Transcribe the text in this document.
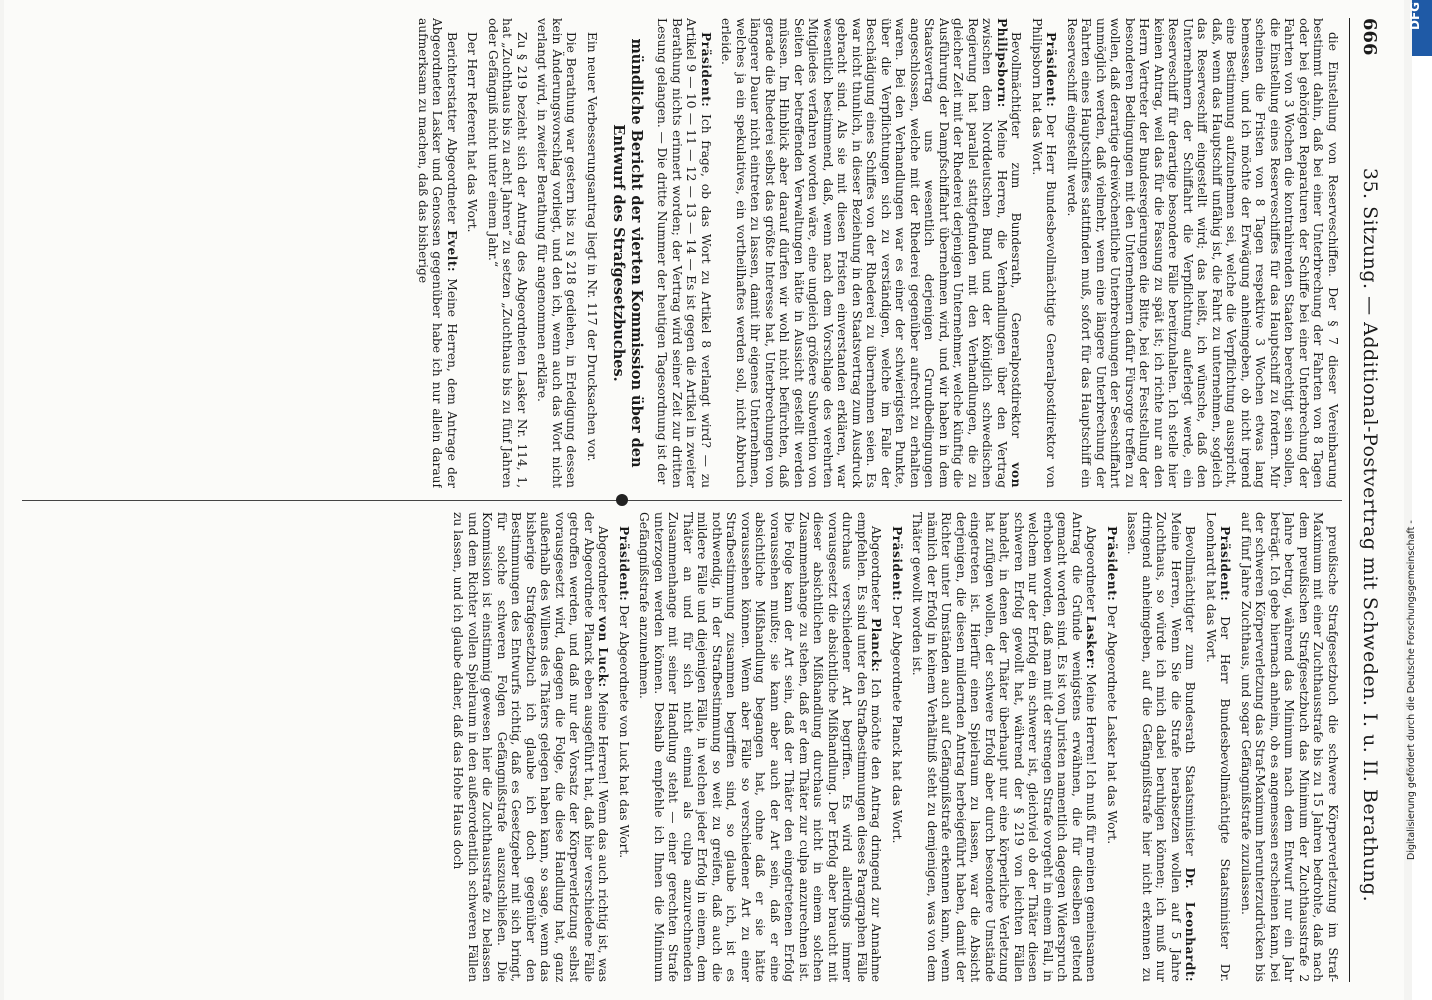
666
35. Sitzung. — Additional-Postvertrag mit Schweden. I. u. II. Berathung.

die Einstellung von Reserveschiffen. Der § 7 dieser Vereinbarung bestimmt dahin, daß bei einer Unterbrechung der Fahrten von 8 Tagen oder bei gehörigen Reparaturen der Schiffe bei einer Unterbrechung der Fahrten von 3 Wochen die kontrahirenden Staaten berechtigt sein sollen, die Einstellung eines Reserveschiffes für das Hauptschiff zu fordern. Mir scheinen die Fristen von 8 Tagen respektive 3 Wochen etwas lang bemessen, und ich möchte der Erwägung anheimgeben, ob nicht irgend eine Bestimmung aufzunehmen sei, welche die Verpflichtung ausspricht, daß, wenn das Hauptschiff unfähig ist, die Fahrt zu unternehmen, sogleich das Reserveschiff eingestellt wird; das heißt, ich wünsche, daß den Unternehmern der Schiffahrt die Verpflichtung auferlegt werde, ein Reserveschiff für derartige besondere Fälle bereitzuhalten. Ich stelle hier keinen Antrag, weil das für die Fassung zu spät ist; ich richte nur an den Herrn Vertreter der Bundesregierungen die Bitte, bei der Feststellung der besonderen Bedingungen mit den Unternehmern dafür Fürsorge treffen zu wollen, daß derartige dreiwöchentliche Unterbrechungen der Seeschiffahrt unmöglich werden, daß vielmehr, wenn eine längere Unterbrechung der Fahrten eines Hauptschiffes stattfinden muß, sofort für das Hauptschiff ein Reserveschiff eingestellt werde.

Präsident: Der Herr Bundesbevollmächtigte Generalpostdirektor von Philipsborn hat das Wort.

Bevollmächtigter zum Bundesrath, Generalpostdirektor von Philipsborn: Meine Herren, die Verhandlungen über den Vertrag zwischen dem Norddeutschen Bund und der königlich schwedischen Regierung hat parallel stattgefunden mit den Verhandlungen, die zu gleicher Zeit mit der Rhederei derjenigen Unternehmer, welche künftig die Ausführung der Dampfschiffahrt übernehmen wird, und wir haben in dem Staatsvertrag uns wesentlich derjenigen Grundbedingungen angeschlossen, welche mit der Rhederei gegenüber aufrecht zu erhalten waren. Bei den Verhandlungen war es einer der schwierigsten Punkte, über die Verpflichtungen sich zu verständigen, welche im Falle der Beschädigung eines Schiffes von der Rhederei zu übernehmen seien. Es war nicht thunlich, in dieser Beziehung in den Staatsvertrag zum Ausdruck gebracht sind. Als sie mit diesen Fristen einverstanden erklären, war wesentlich bestimmend, daß, wenn nach dem Vorschlage des verehrten Mitgliedes verfahren worden wäre, eine ungleich größere Subvention von Seiten der betreffenden Verwaltungen hätte in Aussicht gestellt werden müssen. Im Hinblick aber darauf dürfen wir wohl nicht befürchten, daß gerade die Rhederei selbst das größte Interesse hat, Unterbrechungen von längerer Dauer nicht eintreten zu lassen, damit ihr eigenes Unternehmen, welches ja ein spekulatives, ein vortheilhaftes werden soll, nicht Abbruch erleide.

Präsident: Ich frage, ob das Wort zu Artikel 8 verlangt wird? — zu Artikel 9 — 10 — 11 — 12 — 13 — 14 — Es ist gegen die Artikel in zweiter Berathung nichts erinnert worden; der Vertrag wird seiner Zeit zur dritten Lesung gelangen. — Die dritte Nummer der heutigen Tagesordnung ist der

mündliche Bericht der vierten Kommission über den Entwurf des Strafgesetzbuches.

Ein neuer Verbesserungsantrag liegt in Nr. 117 der Drucksachen vor.

Die Berathung war gestern bis zu § 218 gediehen, in Erledigung dessen kein Änderungsvorschlag vorliegt, und den ich, wenn auch das Wort nicht verlangt wird, in zweiter Berathung für angenommen erkläre.

Zu § 219 bezieht sich der Antrag des Abgeordneten Lasker Nr. 114, 1, hat „Zuchthaus bis zu acht Jahren“ zu setzen „Zuchthaus bis zu fünf Jahren oder Gefängniß nicht unter einem Jahr.“

Der Herr Referent hat das Wort.

Berichterstatter Abgeordneter Evelt: Meine Herren, dem Antrage der Abgeordneten Lasker und Genossen gegenüber habe ich nur allein darauf aufmerksam zu machen, daß das bisherige

preußische Strafgesetzbuch die schwere Körperverletzung im Straf-Maximum mit einer Zuchthausstrafe bis zu 15 Jahren bedrohte, daß nach dem preußischen Strafgesetzbuch das Minimum der Zuchthausstrafe 2 Jahre betrug, während das Minimum nach dem Entwurf nur ein Jahr beträgt. Ich gebe hiernach anheim, ob es angemessen erscheinen kann, bei der schweren Körperverletzung das Straf-Maximum herunterzudrücken bis auf fünf Jahre Zuchthaus, und sogar Gefängnißstrafe zuzulassen.

Präsident: Der Herr Bundesbevollmächtigte Staatsminister Dr. Leonhardt hat das Wort.

Bevollmächtigter zum Bundesrath Staatsminister Dr. Leonhardt: Meine Herren, Wenn Sie die Strafe herabsetzen wollen auf 5 Jahre Zuchthaus, so würde ich mich dabei beruhigen können; ich muß nur dringend anheimgeben, auf die Gefängnißstrafe hier nicht erkennen zu lassen.

Präsident: Der Abgeordnete Lasker hat das Wort.

Abgeordneter Lasker: Meine Herren! Ich muß für meinen gemeinsamen Antrag die Gründe wenigstens erwähnen, die für dieselben geltend gemacht worden sind. Es ist von Juristen namentlich dagegen Widerspruch erhoben worden, daß man mit der strengen Strafe vorgeht in einem Fall, in welchem nur der Erfolg ein schwerer ist, gleichviel ob der Thäter diesen schweren Erfolg gewollt hat, während der § 219 von leichten Fällen handelt, in denen der Thäter überhaupt nur eine körperliche Verletzung hat zufügen wollen, der schwere Erfolg aber durch besondere Umstände eingetreten ist. Hierfür einen Spielraum zu lassen, war die Absicht derjenigen, die diesen mildernden Antrag herbeigeführt haben, damit der Richter unter Umständen auch auf Gefängnißstrafe erkennen kann, wenn nämlich der Erfolg in keinem Verhältniß steht zu demjenigen, was von dem Thäter gewollt worden ist.

Präsident: Der Abgeordnete Planck hat das Wort.

Abgeordneter Planck: Ich möchte den Antrag dringend zur Annahme empfehlen. Es sind unter den Strafbestimmungen dieses Paragraphen Fälle durchaus verschiedener Art begriffen. Es wird allerdings immer vorausgesetzt die absichtliche Mißhandlung. Der Erfolg aber braucht mit dieser absichtlichen Mißhandlung durchaus nicht in einem solchen Zusammenhange zu stehen, daß er dem Thäter zur culpa anzurechnen ist. Die Folge kann der Art sein, daß der Thäter den eingetretenen Erfolg voraussehen mußte; sie kann aber auch der Art sein, daß er eine absichtliche Mißhandlung begangen hat, ohne daß er sie hätte voraussehen können. Wenn aber Fälle so verschiedener Art zu einer Strafbestimmung zusammen begriffen sind, so glaube ich, ist es nothwendig, in der Strafbestimmung so weit zu greifen, daß auch die mildere Fälle und diejenigen Fälle, in welchen jeder Erfolg in einem, dem Thäter an und für sich nicht einmal als culpa anzurechnenden Zusammenhange mit seiner Handlung steht — einer gerechten Strafe unterzogen werden können. Deshalb empfehle ich Ihnen die Minimum Gefängnißstrafe anzunehmen.

Präsident: Der Abgeordnete von Luck hat das Wort.

Abgeordneter von Luck: Meine Herren! Wenn das auch richtig ist, was der Abgeordnete Planck eben ausgeführt hat, daß hier verschiedene Fälle getroffen werden, und daß nur der Vorsatz der Körperverletzung selbst vorausgesetzt wird, dagegen die Folge, die diese Handlung hat, ganz außerhalb des Willens des Thäters gelegen haben kann, so sage, wenn das bisherige Strafgesetzbuch ich glaube ich doch gegenüber den Bestimmungen des Entwurfs richtig, daß es Gesetzgeber mit sich bringt, für solche schweren Folgen Gefängnißstrafe auszuschließen. Die Kommission ist einstimmig gewesen hier die Zuchthausstrafe zu belassen und dem Richter vollen Spielraum in den außerordentlich schweren Fällen zu lassen, und ich glaube daher, daß das Hohe Haus doch

DFG
Digitalisierung gefördert durch die Deutsche Forschungsgemeinschaft -
